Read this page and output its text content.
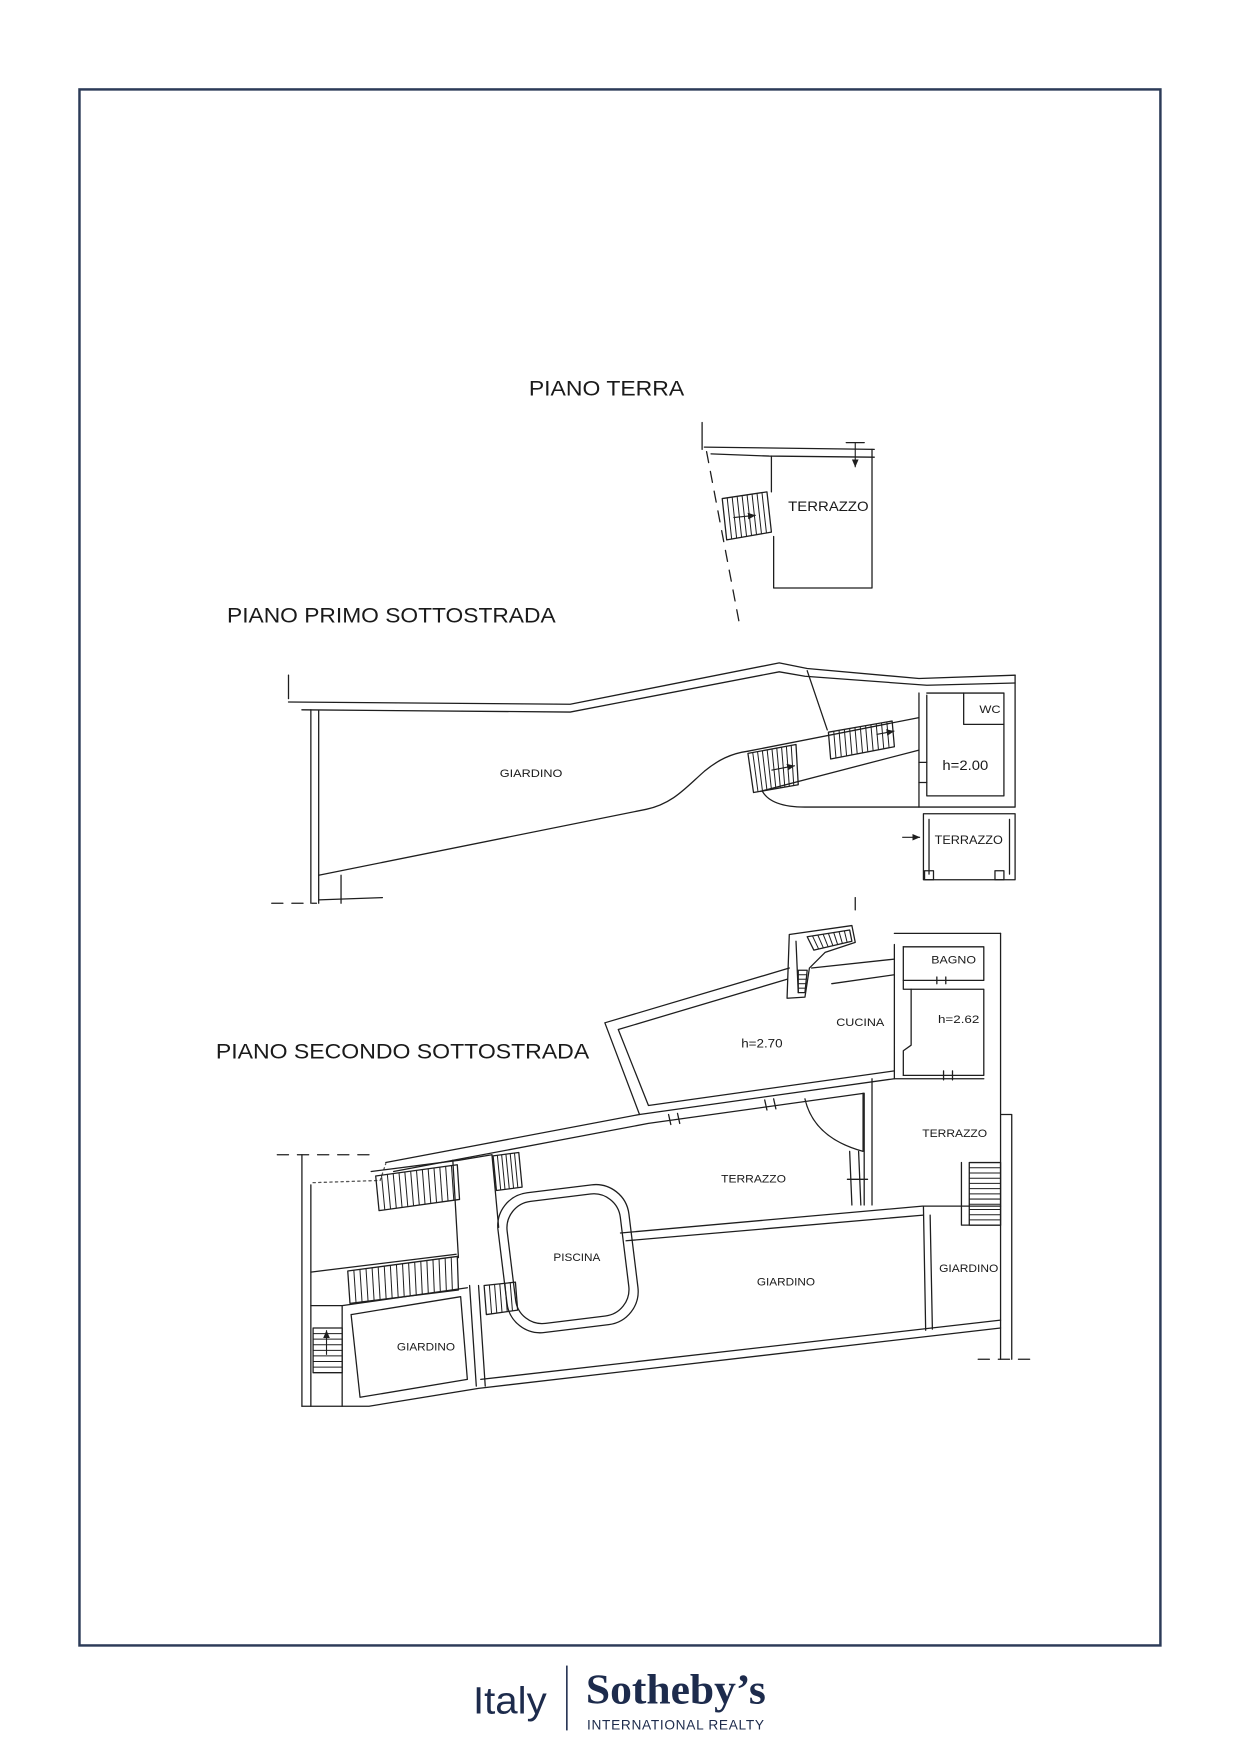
PIANO TERRA
TERRAZZO
PIANO PRIMO SOTTOSTRADA
WC
h=2.00
TERRAZZO
GIARDINO
PIANO SECONDO SOTTOSTRADA	h=2.70
CUCINA
BAGNO
h=2.62
TERRAZZO
TERRAZZO
GIARDINO
GIARDINO
PISCINA
GIARDINO
Italy Sotheby’s
INTERNATIONAL REALTY
